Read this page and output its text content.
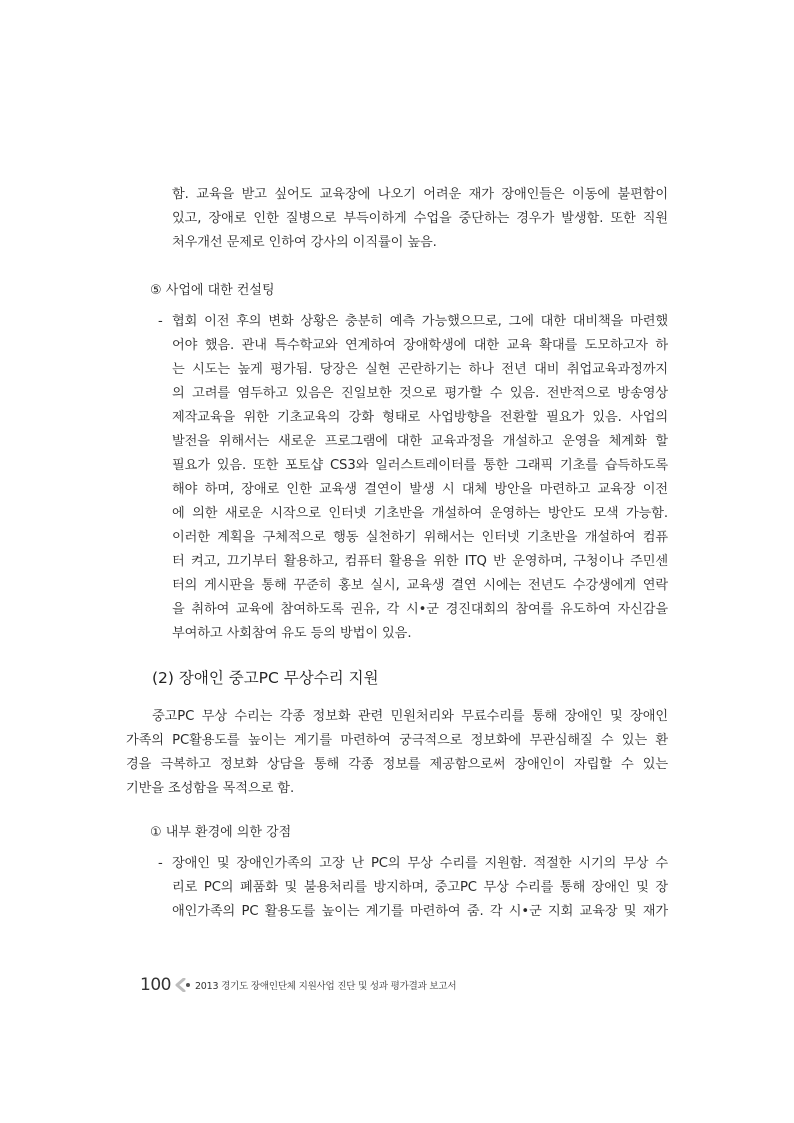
함. 교육을 받고 싶어도 교육장에 나오기 어려운 재가 장애인들은 이동에 불편함이
있고, 장애로 인한 질병으로 부득이하게 수업을 중단하는 경우가 발생함. 또한 직원
처우개선 문제로 인하여 강사의 이직률이 높음.
⑤ 사업에 대한 컨설팅
- 협회 이전 후의 변화 상황은 충분히 예측 가능했으므로, 그에 대한 대비책을 마련했
어야 했음. 관내 특수학교와 연계하여 장애학생에 대한 교육 확대를 도모하고자 하
는 시도는 높게 평가됨. 당장은 실현 곤란하기는 하나 전년 대비 취업교육과정까지
의 고려를 염두하고 있음은 진일보한 것으로 평가할 수 있음. 전반적으로 방송영상
제작교육을 위한 기초교육의 강화 형태로 사업방향을 전환할 필요가 있음. 사업의
발전을 위해서는 새로운 프로그램에 대한 교육과정을 개설하고 운영을 체계화 할
필요가 있음. 또한 포토샵 CS3와 일러스트레이터를 통한 그래픽 기초를 습득하도록
해야 하며, 장애로 인한 교육생 결연이 발생 시 대체 방안을 마련하고 교육장 이전
에 의한 새로운 시작으로 인터넷 기초반을 개설하여 운영하는 방안도 모색 가능함.
이러한 계획을 구체적으로 행동 실천하기 위해서는 인터넷 기초반을 개설하여 컴퓨
터 켜고, 끄기부터 활용하고, 컴퓨터 활용을 위한 ITQ 반 운영하며, 구청이나 주민센
터의 게시판을 통해 꾸준히 홍보 실시, 교육생 결연 시에는 전년도 수강생에게 연락
을 취하여 교육에 참여하도록 권유, 각 시•군 경진대회의 참여를 유도하여 자신감을
부여하고 사회참여 유도 등의 방법이 있음.
(2) 장애인 중고PC 무상수리 지원
중고PC 무상 수리는 각종 정보화 관련 민원처리와 무료수리를 통해 장애인 및 장애인
가족의 PC활용도를 높이는 계기를 마련하여 궁극적으로 정보화에 무관심해질 수 있는 환
경을 극복하고 정보화 상담을 통해 각종 정보를 제공함으로써 장애인이 자립할 수 있는
기반을 조성함을 목적으로 함.
① 내부 환경에 의한 강점
- 장애인 및 장애인가족의 고장 난 PC의 무상 수리를 지원함. 적절한 시기의 무상 수
리로 PC의 폐품화 및 불용처리를 방지하며, 중고PC 무상 수리를 통해 장애인 및 장
애인가족의 PC 활용도를 높이는 계기를 마련하여 줌. 각 시•군 지회 교육장 및 재가
100	2013 경기도 장애인단체 지원사업 진단 및 성과 평가결과 보고서
